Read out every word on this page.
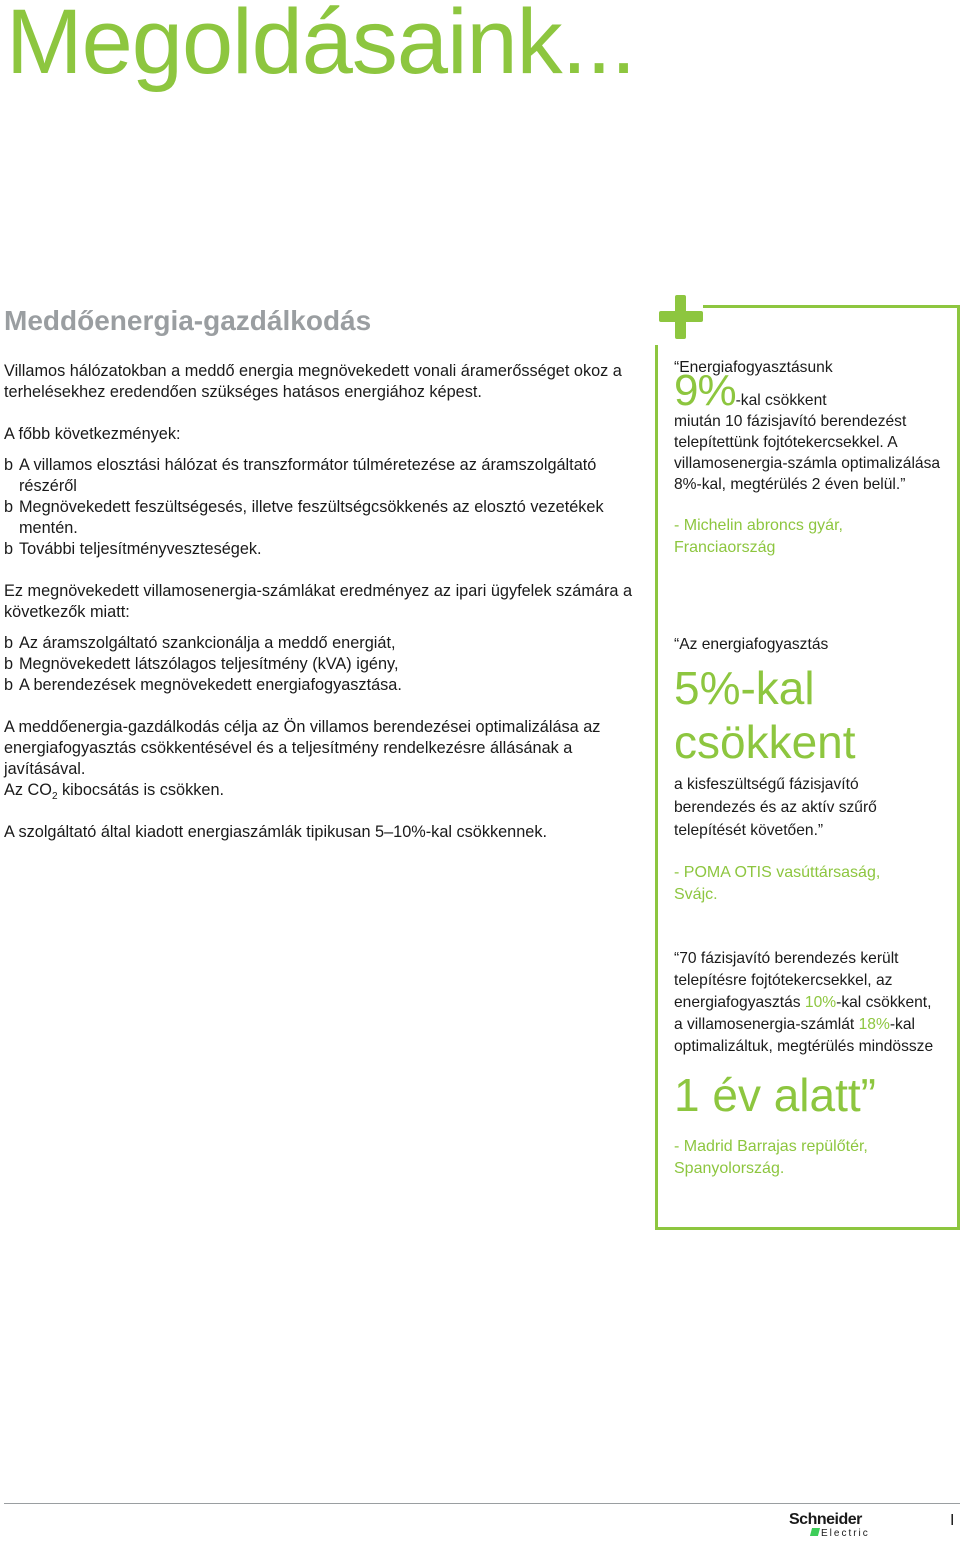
Megoldásaink...
Meddőenergia-gazdálkodás

Villamos hálózatokban a meddő energia megnövekedett vonali áramerősséget okoz a terhelésekhez eredendően szükséges hatásos energiához képest.

A főbb következmények:

b A villamos elosztási hálózat és transzformátor túlméretezése az áramszolgáltató részéről
b Megnövekedett feszültségesés, illetve feszültségcsökkenés az elosztó vezetékek mentén.
b További teljesítményveszteségek.

Ez megnövekedett villamosenergia-számlákat eredményez az ipari ügyfelek számára a következők miatt:

b Az áramszolgáltató szankcionálja a meddő energiát,
b Megnövekedett látszólagos teljesítmény (kVA) igény,
b A berendezések megnövekedett energiafogyasztása.

A meddőenergia-gazdálkodás célja az Ön villamos berendezései optimalizálása az energiafogyasztás csökkentésével és a teljesítmény rendelkezésre állásának a javításával.

Az $CO_2$ kibocsátás is csökken.

A szolgáltató által kiadott energiaszámlák tipikusan 5–10%-kal csökkennek.

“Energiafogyasztásunk
9%-kal csökkent
miután 10 fázisjavító berendezést telepítettünk fojtótekercsekkel. A villamosenergia-számla optimalizálása 8%-kal, megtérülés 2 éven belül.”
- Michelin abroncs gyár, Franciaország
“Az energiafogyasztás
5%-kal csökkent
a kisfeszültségű fázisjavító berendezés és az aktív szűrő telepítését követően.”
- POMA OTIS vasúttársaság, Svájc.
“70 fázisjavító berendezés került telepítésre fojtótekercsekkel, az energiafogyasztás 10%-kal csökkent, a villamosenergia-számlát 18%-kal optimalizáltuk, megtérülés mindössze
1 év alatt”
- Madrid Barrajas repülőtér, Spanyolország.
Schneider
Electric
I
